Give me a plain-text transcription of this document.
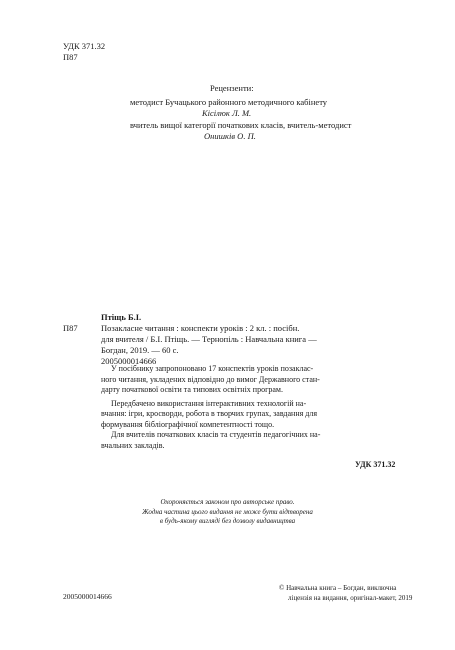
УДК 371.32
П87
Рецензенти:
методист Бучацького районного методичного кабінету
Кісілюк Л. М.
вчитель вищої категорії початкових класів, вчитель-методист
Онишків О. П.
Птіщь Б.І.
П87	Позакласне читання : конспекти уроків : 2 кл. : посібн.
для вчителя / Б.І. Птіщь. — Тернопіль : Навчальна книга —
Богдан, 2019. — 60 с.
2005000014666

У посібнику запропоновано 17 конспектів уроків позаклас-

ного читання, укладених відповідно до вимог Державного стан-

дарту початкової освіти та типових освітніх програм.

Передбачено використання інтерактивних технологій на-

вчання: ігри, кросворди, робота в творчих групах, завдання для

формування бібліографічної компетентності тощо.

Для вчителів початкових класів та студентів педагогічних на-

вчальних закладів.

УДК 371.32
Охороняється законом про авторське право.
Жодна частина цього видання не може бути відтворена
в будь-якому вигляді без дозволу видавництва
2005000014666
© Навчальна книга – Богдан, виключна
ліцензія на видання, оригінал-макет, 2019
